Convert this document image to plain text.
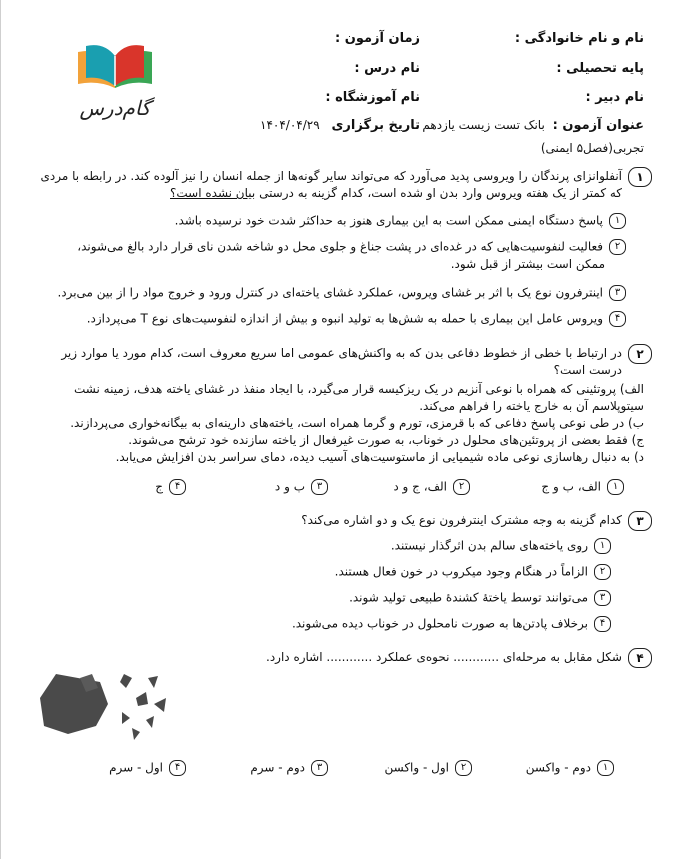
گام‌درس
نام و نام خانوادگی :
زمان آزمون :
پایه تحصیلی :
نام درس :
نام دبیر :
نام آموزشگاه :
عنوان آزمون : بانک تست زیست یازدهم
تجربی(فصل۵ ایمنی)
تاریخ برگزاری ۱۴۰۴/۰۴/۲۹
۱
آنفلوانزای پرندگان را ویروسی پدید می‌آورد که می‌تواند سایر گونه‌ها از جمله انسان را نیز آلوده کند. در رابطه با مردی
که کمتر از یک هفته ویروس وارد بدن او شده است، کدام گزینه به درستی بیان نشده است؟
۱پاسخ دستگاه ایمنی ممکن است به این بیماری هنوز به حداکثر شدت خود نرسیده باشد.
۲فعالیت لنفوسیت‌هایی که در غده‌ای در پشت جناغ و جلوی محل دو شاخه شدن نای قرار دارد بالغ می‌شوند،
ممکن است بیشتر از قبل شود.
۳اینترفرون نوع یک با اثر بر غشای ویروس، عملکرد غشای یاخته‌ای در کنترل ورود و خروج مواد را از بین می‌برد.
۴ویروس عامل این بیماری با حمله به شش‌ها به تولید انبوه و بیش از اندازه لنفوسیت‌های نوع T می‌پردازد.
۲
در ارتباط با خطی از خطوط دفاعی بدن که به واکنش‌های عمومی اما سریع معروف است، کدام مورد یا موارد زیر
درست است؟
الف) پروتئینی که همراه با نوعی آنزیم در یک ریزکیسه قرار می‌گیرد، با ایجاد منفذ در غشای یاخته هدف، زمینه نشت
سیتوپلاسم آن به خارج یاخته را فراهم می‌کند.
ب) در طی نوعی پاسخ دفاعی که با قرمزی، تورم و گرما همراه است، یاخته‌های دارینه‌ای به بیگانه‌خواری می‌پردازند.
ج) فقط بعضی از پروتئین‌های محلول در خوناب، به صورت غیرفعال از یاخته سازنده خود ترشح می‌شوند.
د) به دنبال رهاسازی نوعی ماده شیمیایی از ماستوسیت‌های آسیب دیده، دمای سراسر بدن افزایش می‌یابد.
۱الف، ب و ج
۲الف، ج و د
۳ب و د
۴ج
۳
کدام گزینه به وجه مشترک اینترفرون نوع یک و دو اشاره می‌کند؟
۱روی یاخته‌های سالم بدن اثرگذار نیستند.
۲الزاماً در هنگام وجود میکروب در خون فعال هستند.
۳می‌توانند توسط یاختهٔ کشندهٔ طبیعی تولید شوند.
۴برخلاف پادتن‌ها به صورت نامحلول در خوناب دیده می‌شوند.
۴
شکل مقابل به مرحله‌ای ............ نحوه‌ی عملکرد ............ اشاره دارد.
۱دوم - واکسن
۲اول - واکسن
۳دوم - سرم
۴اول - سرم
